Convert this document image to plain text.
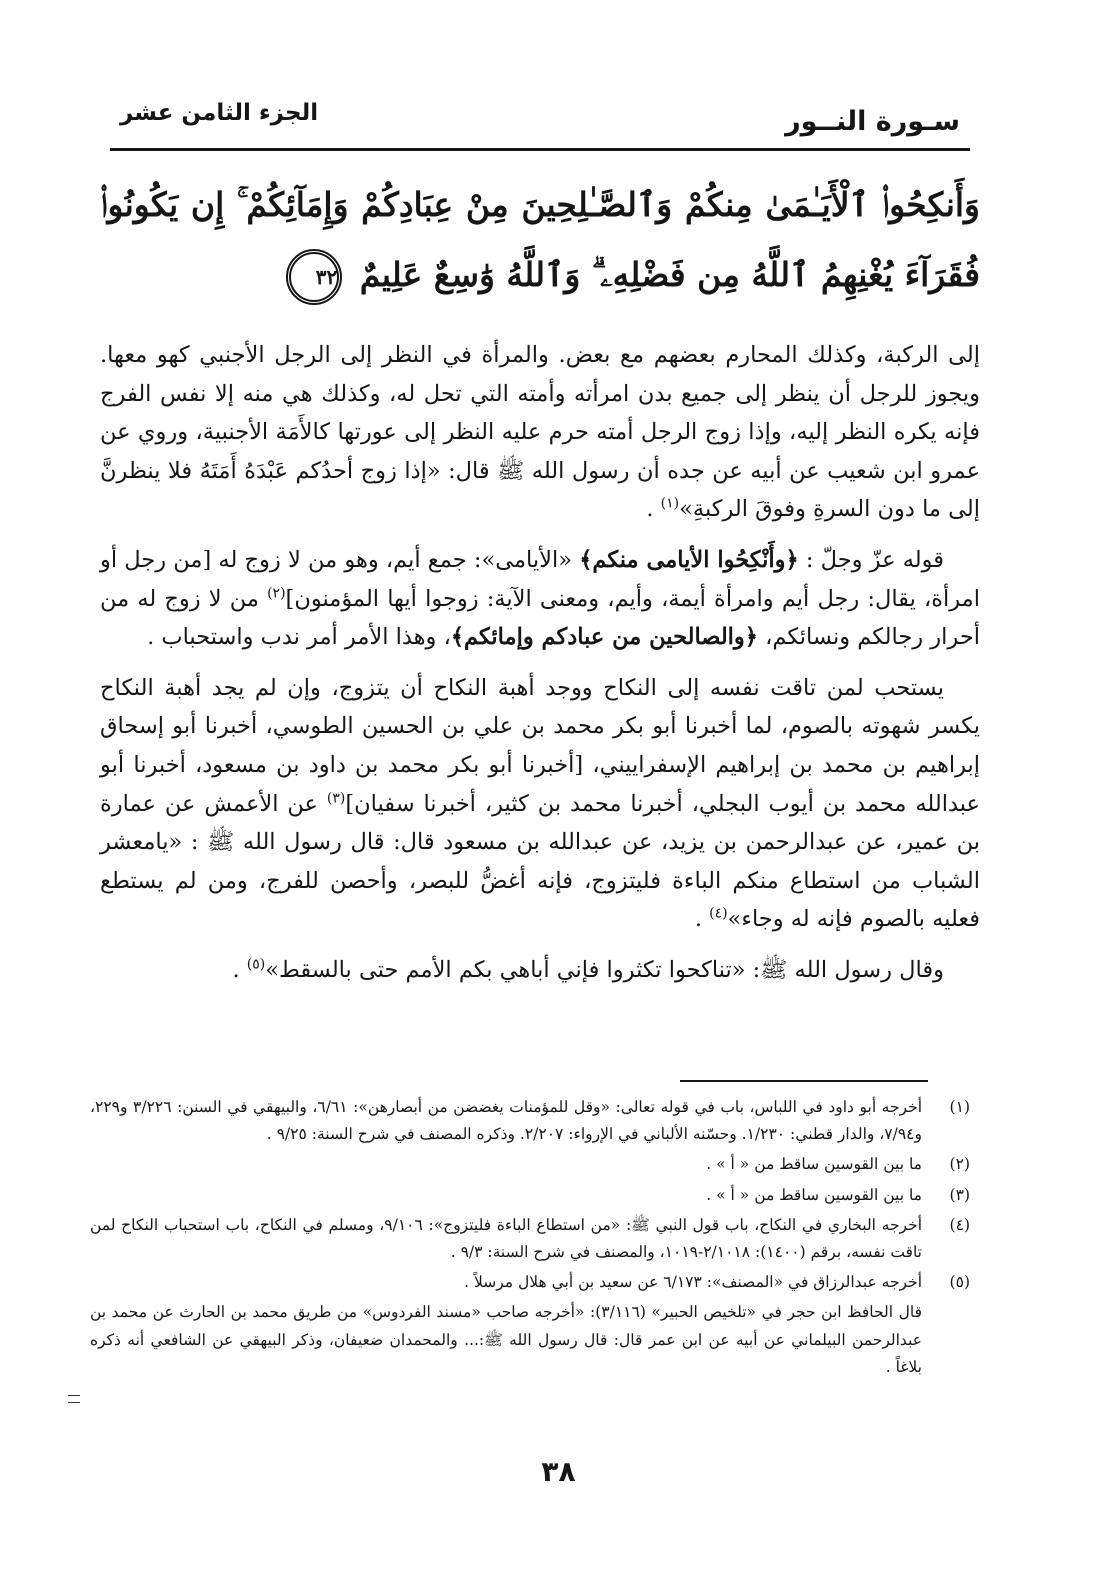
سـورة النــور
الجزء الثامن عشر
وَأَنكِحُوا۟ ٱلْأَيَـٰمَىٰ مِنكُمْ وَٱلصَّـٰلِحِينَ مِنْ عِبَادِكُمْ وَإِمَآئِكُمْ ۚ إِن يَكُونُوا۟ فُقَرَآءَ يُغْنِهِمُ ٱللَّهُ مِن فَضْلِهِۦ ۗ وَٱللَّهُ وَٰسِعٌ عَلِيمٌ ٣٢

إلى الركبة، وكذلك المحارم بعضهم مع بعض. والمرأة في النظر إلى الرجل الأجنبي كهو معها. ويجوز للرجل أن ينظر إلى جميع بدن امرأته وأمته التي تحل له، وكذلك هي منه إلا نفس الفرج فإنه يكره النظر إليه، وإذا زوج الرجل أمته حرم عليه النظر إلى عورتها كالأَمَة الأجنبية، وروي عن عمرو ابن شعيب عن أبيه عن جده أن رسول الله ﷺ قال: «إذا زوج أحدُكم عَبْدَهُ أَمَتَهُ فلا ينظرنَّ إلى ما دون السرةِ وفوقَ الركبةِ»$^{(١)}$ .

قوله عزّ وجلّ : ﴿وأَنْكِحُوا الأيامى منكم﴾ «الأيامى»: جمع أيم، وهو من لا زوج له [من رجل أو امرأة، يقال: رجل أيم وامرأة أيمة، وأيم، ومعنى الآية: زوجوا أيها المؤمنون]$^{(٢)}$ من لا زوج له من أحرار رجالكم ونسائكم، ﴿والصالحين من عبادكم وإمائكم﴾، وهذا الأمر أمر ندب واستحباب .

يستحب لمن تاقت نفسه إلى النكاح ووجد أهبة النكاح أن يتزوج، وإن لم يجد أهبة النكاح يكسر شهوته بالصوم، لما أخبرنا أبو بكر محمد بن علي بن الحسين الطوسي، أخبرنا أبو إسحاق إبراهيم بن محمد بن إبراهيم الإسفراييني، [أخبرنا أبو بكر محمد بن داود بن مسعود، أخبرنا أبو عبدالله محمد بن أيوب البجلي، أخبرنا محمد بن كثير، أخبرنا سفيان]$^{(٣)}$ عن الأعمش عن عمارة بن عمير، عن عبدالرحمن بن يزيد، عن عبدالله بن مسعود قال: قال رسول الله ﷺ : «يامعشر الشباب من استطاع منكم الباءة فليتزوج، فإنه أغضُّ للبصر، وأحصن للفرج، ومن لم يستطع فعليه بالصوم فإنه له وجاء»$^{(٤)}$ .

وقال رسول الله ﷺ: «تناكحوا تكثروا فإني أباهي بكم الأمم حتى بالسقط»$^{(٥)}$ .

(١)
أخرجه أبو داود في اللباس، باب في قوله تعالى: «وقل للمؤمنات يغضضن من أبصارهن»: ٦/٦١، والبيهقي في السنن: ٣/٢٢٦ و٢٢٩، و٧/٩٤، والدار قطني: ١/٢٣٠. وحسّنه الألباني في الإرواء: ٢/٢٠٧. وذكره المصنف في شرح السنة: ٩/٢٥ .
(٢)
ما بين القوسين ساقط من « أ » .
(٣)
ما بين القوسين ساقط من « أ » .
(٤)
أخرجه البخاري في النكاح، باب قول النبي ﷺ: «من استطاع الباءة فليتزوج»: ٩/١٠٦، ومسلم في النكاح، باب استحباب النكاح لمن تاقت نفسه، برقم (١٤٠٠): ٢/١٠١٨-١٠١٩، والمصنف في شرح السنة: ٩/٣ .
(٥)
أخرجه عبدالرزاق في «المصنف»: ٦/١٧٣ عن سعيد بن أبي هلال مرسلاً .
قال الحافظ ابن حجر في «تلخيص الحبير» (٣/١١٦): «أخرجه صاحب «مسند الفردوس» من طريق محمد بن الحارث عن محمد بن عبدالرحمن البيلماني عن أبيه عن ابن عمر قال: قال رسول الله ﷺ:... والمحمدان ضعيفان، وذكر البيهقي عن الشافعي أنه ذكره بلاغاً .
٣٨
